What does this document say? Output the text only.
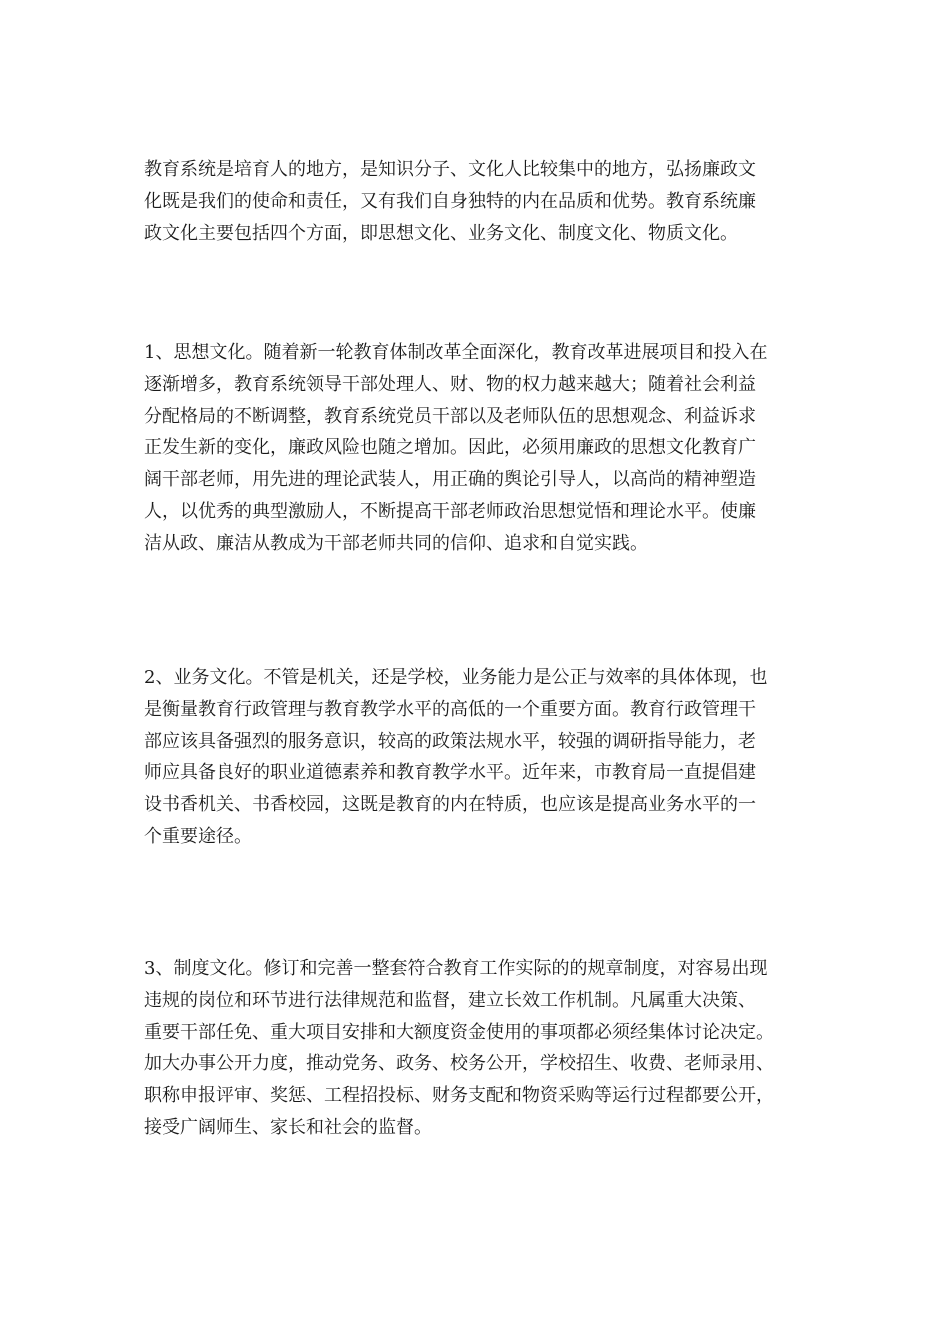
教育系统是培育人的地方，是知识分子、文化人比较集中的地方，弘扬廉政文
化既是我们的使命和责任，又有我们自身独特的内在品质和优势。教育系统廉
政文化主要包括四个方面，即思想文化、业务文化、制度文化、物质文化。

1、思想文化。随着新一轮教育体制改革全面深化，教育改革进展项目和投入在
逐渐增多，教育系统领导干部处理人、财、物的权力越来越大；随着社会利益
分配格局的不断调整，教育系统党员干部以及老师队伍的思想观念、利益诉求
正发生新的变化，廉政风险也随之增加。因此，必须用廉政的思想文化教育广
阔干部老师，用先进的理论武装人，用正确的舆论引导人，以高尚的精神塑造
人，以优秀的典型激励人，不断提高干部老师政治思想觉悟和理论水平。使廉
洁从政、廉洁从教成为干部老师共同的信仰、追求和自觉实践。

2、业务文化。不管是机关，还是学校，业务能力是公正与效率的具体体现，也
是衡量教育行政管理与教育教学水平的高低的一个重要方面。教育行政管理干
部应该具备强烈的服务意识，较高的政策法规水平，较强的调研指导能力，老
师应具备良好的职业道德素养和教育教学水平。近年来，市教育局一直提倡建
设书香机关、书香校园，这既是教育的内在特质，也应该是提高业务水平的一
个重要途径。

3、制度文化。修订和完善一整套符合教育工作实际的的规章制度，对容易出现
违规的岗位和环节进行法律规范和监督，建立长效工作机制。凡属重大决策、
重要干部任免、重大项目安排和大额度资金使用的事项都必须经集体讨论决定。
加大办事公开力度，推动党务、政务、校务公开，学校招生、收费、老师录用、
职称申报评审、奖惩、工程招投标、财务支配和物资采购等运行过程都要公开，
接受广阔师生、家长和社会的监督。
